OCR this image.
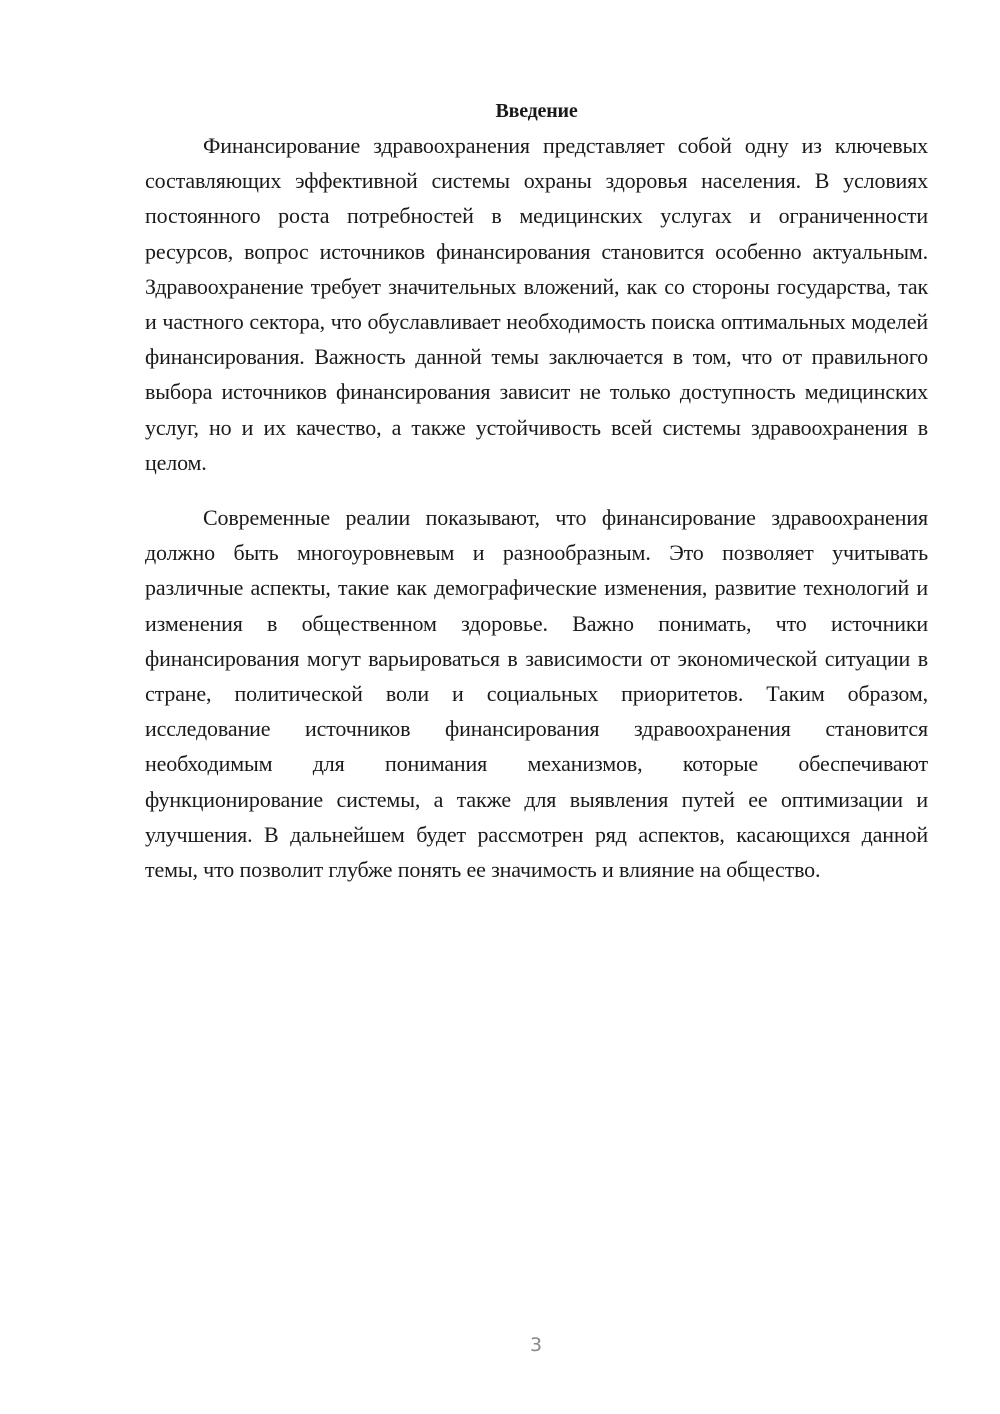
Введение

Финансирование здравоохранения представляет собой одну из ключевых составляющих эффективной системы охраны здоровья населения. В условиях постоянного роста потребностей в медицинских услугах и ограниченности ресурсов, вопрос источников финансирования становится особенно актуальным. Здравоохранение требует значительных вложений, как со стороны государства, так и частного сектора, что обуславливает необходимость поиска оптимальных моделей финансирования. Важность данной темы заключается в том, что от правильного выбора источников финансирования зависит не только доступность медицинских услуг, но и их качество, а также устойчивость всей системы здравоохранения в целом.

Современные реалии показывают, что финансирование здравоохранения должно быть многоуровневым и разнообразным. Это позволяет учитывать различные аспекты, такие как демографические изменения, развитие технологий и изменения в общественном здоровье. Важно понимать, что источники финансирования могут варьироваться в зависимости от экономической ситуации в стране, политической воли и социальных приоритетов. Таким образом, исследование источников финансирования здравоохранения становится необходимым для понимания механизмов, которые обеспечивают функционирование системы, а также для выявления путей ее оптимизации и улучшения. В дальнейшем будет рассмотрен ряд аспектов, касающихся данной темы, что позволит глубже понять ее значимость и влияние на общество.

3
